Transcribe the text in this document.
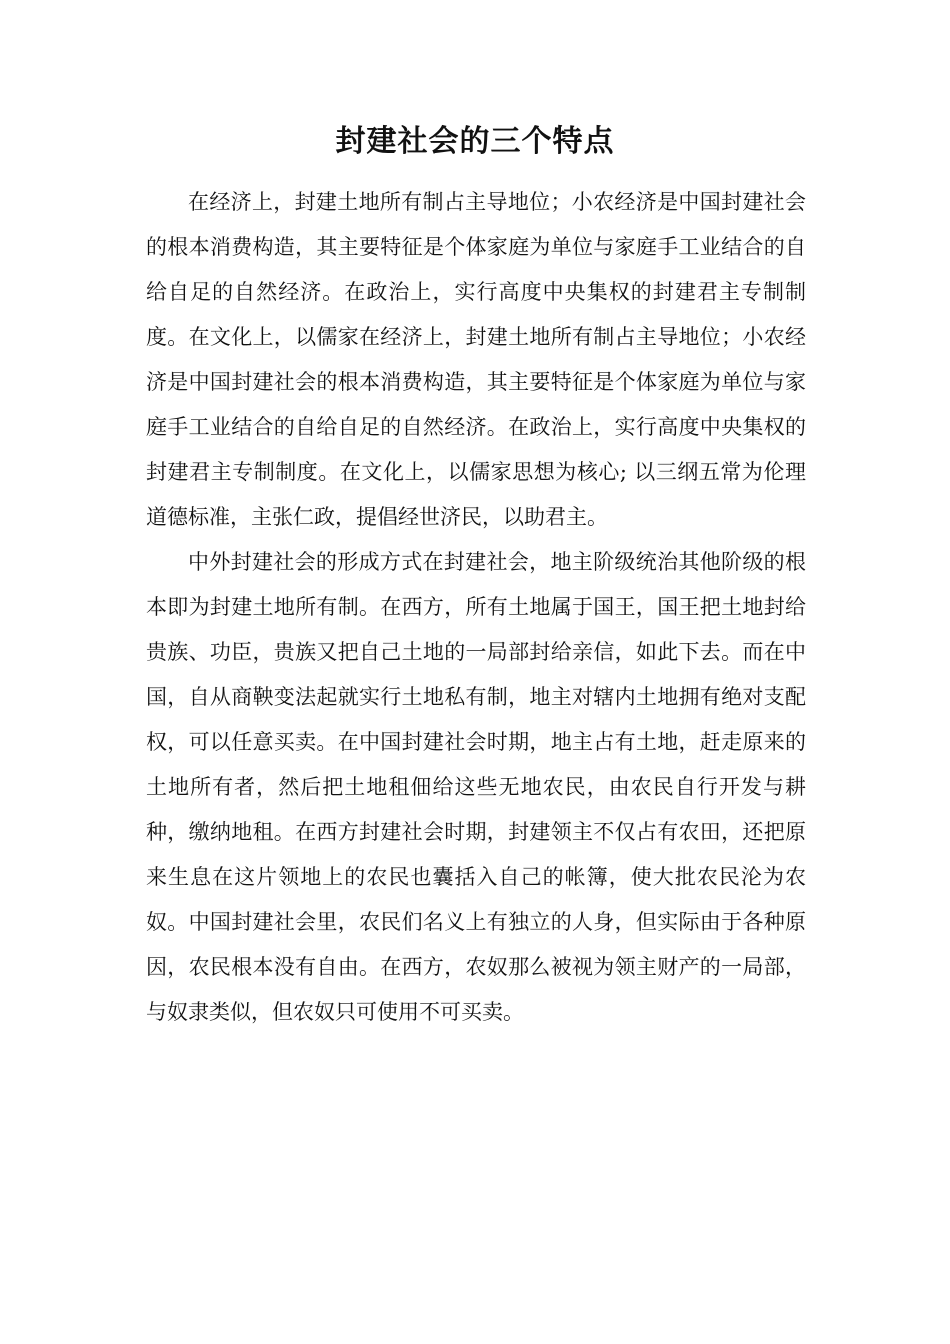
封建社会的三个特点

在经济上，封建土地所有制占主导地位；小农经济是中国封建社会的根本消费构造，其主要特征是个体家庭为单位与家庭手工业结合的自给自足的自然经济。在政治上，实行高度中央集权的封建君主专制制度。在文化上，以儒家在经济上，封建土地所有制占主导地位；小农经济是中国封建社会的根本消费构造，其主要特征是个体家庭为单位与家庭手工业结合的自给自足的自然经济。在政治上，实行高度中央集权的封建君主专制制度。在文化上，以儒家思想为核心; 以三纲五常为伦理道德标准，主张仁政，提倡经世济民，以助君主。

中外封建社会的形成方式在封建社会，地主阶级统治其他阶级的根本即为封建土地所有制。在西方，所有土地属于国王，国王把土地封给贵族、功臣，贵族又把自己土地的一局部封给亲信，如此下去。而在中国，自从商鞅变法起就实行土地私有制，地主对辖内土地拥有绝对支配权，可以任意买卖。在中国封建社会时期，地主占有土地，赶走原来的土地所有者，然后把土地租佃给这些无地农民，由农民自行开发与耕种，缴纳地租。在西方封建社会时期，封建领主不仅占有农田，还把原来生息在这片领地上的农民也囊括入自己的帐簿，使大批农民沦为农奴。中国封建社会里，农民们名义上有独立的人身，但实际由于各种原因，农民根本没有自由。在西方，农奴那么被视为领主财产的一局部，与奴隶类似，但农奴只可使用不可买卖。
